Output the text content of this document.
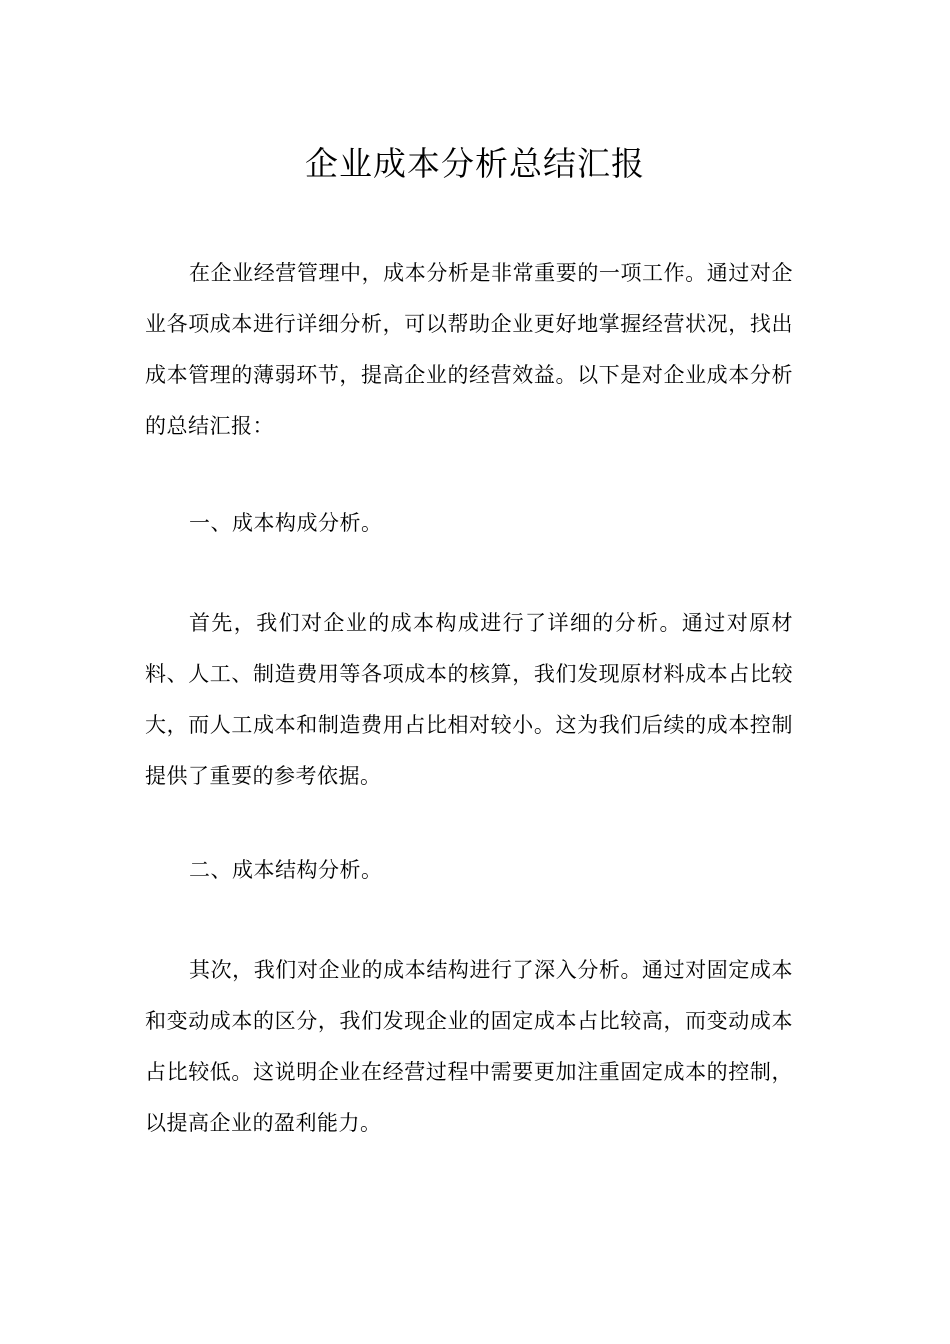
企业成本分析总结汇报

在企业经营管理中，成本分析是非常重要的一项工作。通过对企业各项成本进行详细分析，可以帮助企业更好地掌握经营状况，找出成本管理的薄弱环节，提高企业的经营效益。以下是对企业成本分析的总结汇报：

一、成本构成分析。

首先，我们对企业的成本构成进行了详细的分析。通过对原材料、人工、制造费用等各项成本的核算，我们发现原材料成本占比较大，而人工成本和制造费用占比相对较小。这为我们后续的成本控制提供了重要的参考依据。

二、成本结构分析。

其次，我们对企业的成本结构进行了深入分析。通过对固定成本和变动成本的区分，我们发现企业的固定成本占比较高，而变动成本占比较低。这说明企业在经营过程中需要更加注重固定成本的控制，以提高企业的盈利能力。
